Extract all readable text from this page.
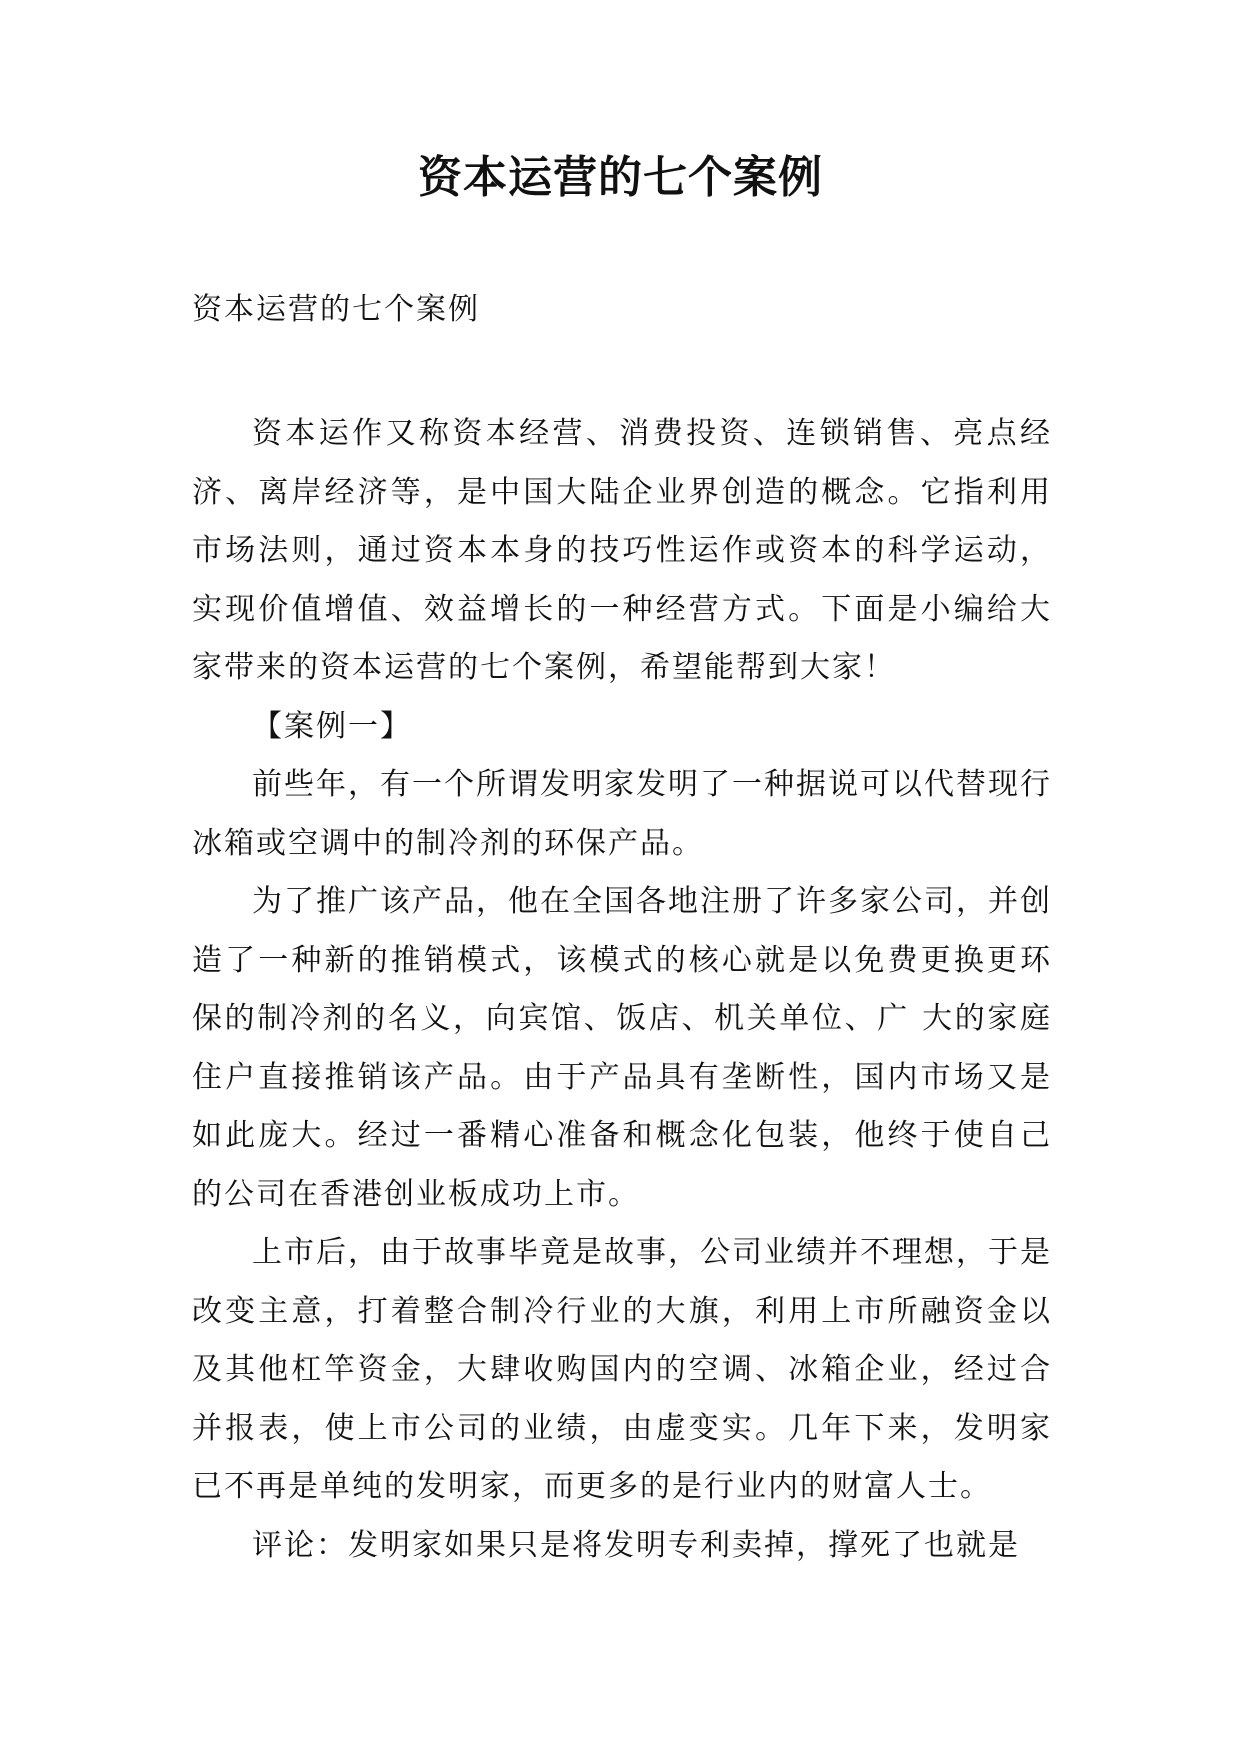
资本运营的七个案例
资本运营的七个案例

资本运作又称资本经营、消费投资、连锁销售、亮点经济、离岸经济等，是中国大陆企业界创造的概念。它指利用市场法则，通过资本本身的技巧性运作或资本的科学运动，实现价值增值、效益增长的一种经营方式。下面是小编给大家带来的资本运营的七个案例，希望能帮到大家！

【案例一】

前些年，有一个所谓发明家发明了一种据说可以代替现行冰箱或空调中的制冷剂的环保产品。

为了推广该产品，他在全国各地注册了许多家公司，并创造了一种新的推销模式，该模式的核心就是以免费更换更环保的制冷剂的名义，向宾馆、饭店、机关单位、广 大的家庭住户直接推销该产品。由于产品具有垄断性，国内市场又是如此庞大。经过一番精心准备和概念化包装，他终于使自己的公司在香港创业板成功上市。

上市后，由于故事毕竟是故事，公司业绩并不理想，于是改变主意，打着整合制冷行业的大旗，利用上市所融资金以及其他杠竿资金，大肆收购国内的空调、冰箱企业，经过合并报表，使上市公司的业绩，由虚变实。几年下来，发明家已不再是单纯的发明家，而更多的是行业内的财富人士。

评论：发明家如果只是将发明专利卖掉，撑死了也就是
